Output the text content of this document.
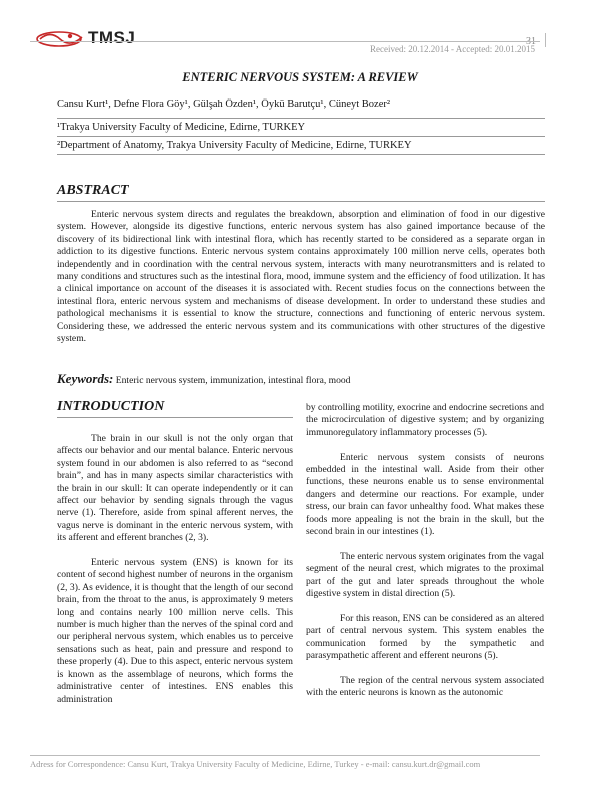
TMSJ	31
Received: 20.12.2014 - Accepted: 20.01.2015
ENTERIC NERVOUS SYSTEM: A REVIEW
Cansu Kurt¹, Defne Flora Göy¹, Gülşah Özden¹, Öykü Barutçu¹, Cüneyt Bozer²
¹Trakya University Faculty of Medicine, Edirne, TURKEY
²Department of Anatomy, Trakya University Faculty of Medicine, Edirne, TURKEY
ABSTRACT
Enteric nervous system directs and regulates the breakdown, absorption and elimination of food in our digestive system. However, alongside its digestive functions, enteric nervous system has also gained importance because of the discovery of its bidirectional link with intestinal flora, which has recently started to be considered as a separate organ in addiction to its digestive functions. Enteric nervous system contains approximately 100 million nerve cells, operates both independently and in coordination with the central nervous system, interacts with many neurotransmitters and is related to many conditions and structures such as the intestinal flora, mood, immune system and the efficiency of food utilization. It has a clinical importance on account of the diseases it is associated with. Recent studies focus on the connections between the intestinal flora, enteric nervous system and mechanisms of disease development. In order to understand these studies and pathological mechanisms it is essential to know the structure, connections and functioning of enteric nervous system. Considering these, we addressed the enteric nervous system and its communications with other structures of the digestive system.
Keywords: Enteric nervous system, immunization, intestinal flora, mood
INTRODUCTION

The brain in our skull is not the only organ that affects our behavior and our mental balance. Enteric nervous system found in our abdomen is also referred to as “second brain”, and has in many aspects similar characteristics with the brain in our skull: It can operate independently or it can affect our behavior by sending signals through the vagus nerve (1). Therefore, aside from spinal afferent nerves, the vagus nerve is dominant in the enteric nervous system, with its afferent and efferent branches (2, 3).

Enteric nervous system (ENS) is known for its content of second highest number of neurons in the organism (2, 3). As evidence, it is thought that the length of our second brain, from the throat to the anus, is approximately 9 meters long and contains nearly 100 million nerve cells. This number is much higher than the nerves of the spinal cord and our peripheral nervous system, which enables us to perceive sensations such as heat, pain and pressure and respond to these properly (4). Due to this aspect, enteric nervous system is known as the assemblage of neurons, which forms the administrative center of intestines. ENS enables this administration

by controlling motility, exocrine and endocrine secretions and the microcirculation of digestive system; and by organizing immunoregulatory inflammatory processes (5).

Enteric nervous system consists of neurons embedded in the intestinal wall. Aside from their other functions, these neurons enable us to sense environmental dangers and determine our reactions. For example, under stress, our brain can favor unhealthy food. What makes these foods more appealing is not the brain in the skull, but the second brain in our intestines (1).

The enteric nervous system originates from the vagal segment of the neural crest, which migrates to the proximal part of the gut and later spreads throughout the whole digestive system in distal direction (5).

For this reason, ENS can be considered as an altered part of central nervous system. This system enables the communication formed by the sympathetic and parasympathetic afferent and efferent neurons (5).

The region of the central nervous system associated with the enteric neurons is known as the autonomic

Adress for Correspondence: Cansu Kurt, Trakya University Faculty of Medicine, Edirne, Turkey - e-mail: cansu.kurt.dr@gmail.com
